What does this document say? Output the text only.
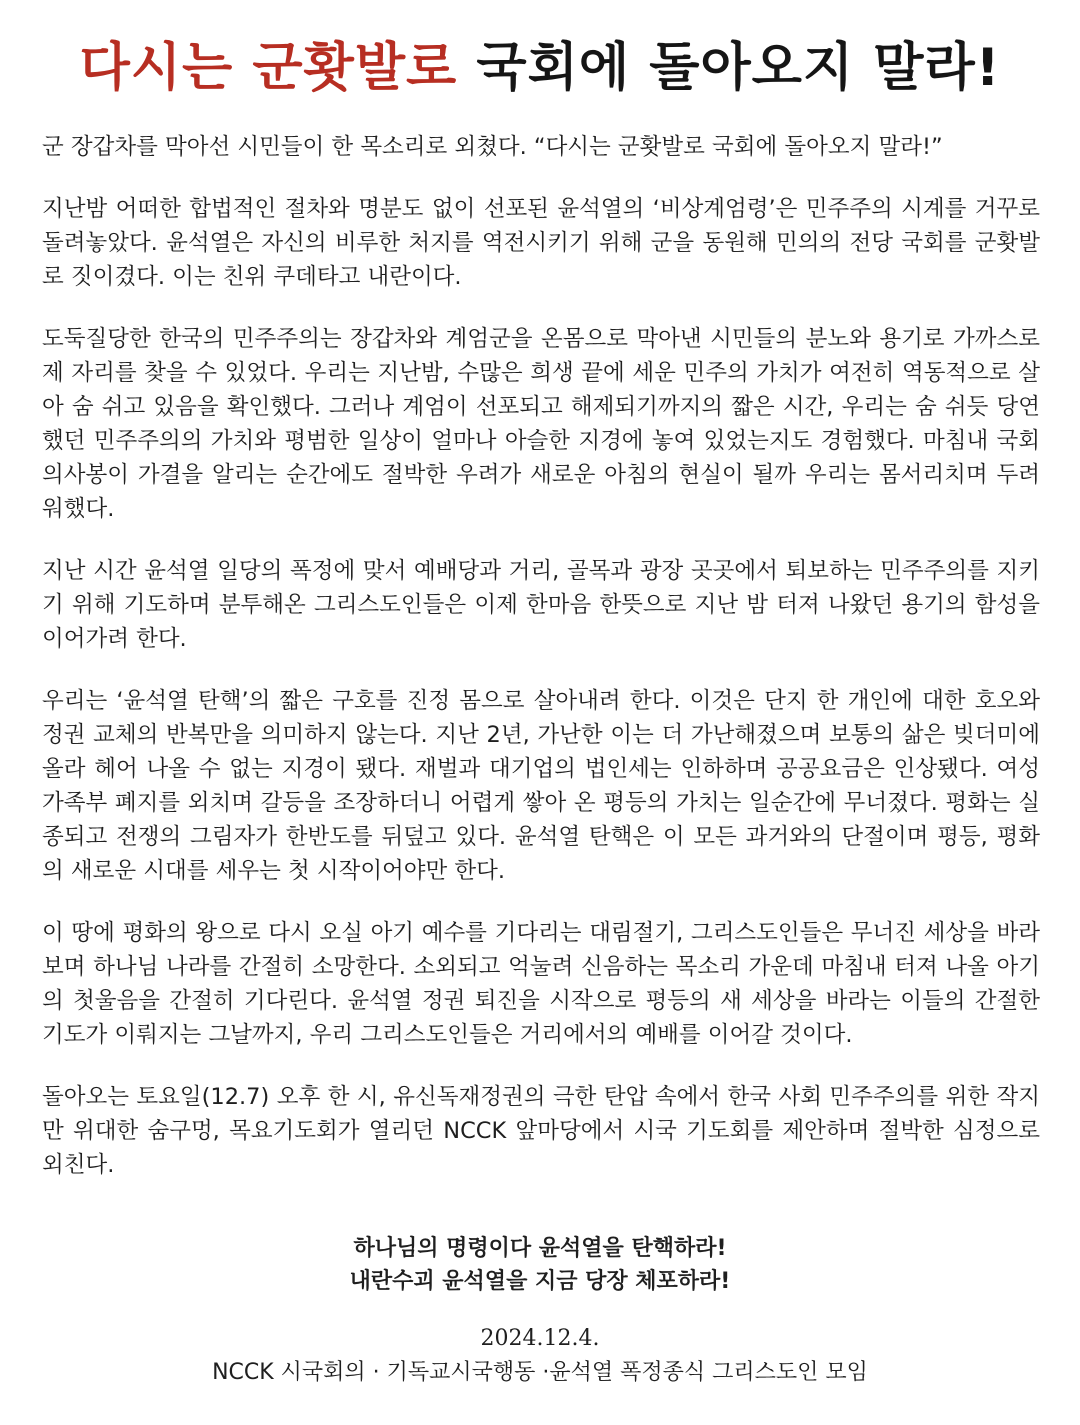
다시는 군홧발로 국회에 돌아오지 말라!

군 장갑차를 막아선 시민들이 한 목소리로 외쳤다. “다시는 군홧발로 국회에 돌아오지 말라!”

지난밤 어떠한 합법적인 절차와 명분도 없이 선포된 윤석열의 ‘비상계엄령’은 민주주의 시계를 거꾸로 돌려놓았다. 윤석열은 자신의 비루한 처지를 역전시키기 위해 군을 동원해 민의의 전당 국회를 군홧발로 짓이겼다. 이는 친위 쿠데타고 내란이다.

도둑질당한 한국의 민주주의는 장갑차와 계엄군을 온몸으로 막아낸 시민들의 분노와 용기로 가까스로 제 자리를 찾을 수 있었다. 우리는 지난밤, 수많은 희생 끝에 세운 민주의 가치가 여전히 역동적으로 살아 숨 쉬고 있음을 확인했다. 그러나 계엄이 선포되고 해제되기까지의 짧은 시간, 우리는 숨 쉬듯 당연했던 민주주의의 가치와 평범한 일상이 얼마나 아슬한 지경에 놓여 있었는지도 경험했다. 마침내 국회 의사봉이 가결을 알리는 순간에도 절박한 우려가 새로운 아침의 현실이 될까 우리는 몸서리치며 두려워했다.

지난 시간 윤석열 일당의 폭정에 맞서 예배당과 거리, 골목과 광장 곳곳에서 퇴보하는 민주주의를 지키기 위해 기도하며 분투해온 그리스도인들은 이제 한마음 한뜻으로 지난 밤 터져 나왔던 용기의 함성을 이어가려 한다.

우리는 ‘윤석열 탄핵’의 짧은 구호를 진정 몸으로 살아내려 한다. 이것은 단지 한 개인에 대한 호오와 정권 교체의 반복만을 의미하지 않는다. 지난 2년, 가난한 이는 더 가난해졌으며 보통의 삶은 빚더미에 올라 헤어 나올 수 없는 지경이 됐다. 재벌과 대기업의 법인세는 인하하며 공공요금은 인상됐다. 여성가족부 폐지를 외치며 갈등을 조장하더니 어렵게 쌓아 온 평등의 가치는 일순간에 무너졌다. 평화는 실종되고 전쟁의 그림자가 한반도를 뒤덮고 있다. 윤석열 탄핵은 이 모든 과거와의 단절이며 평등, 평화의 새로운 시대를 세우는 첫 시작이어야만 한다.

이 땅에 평화의 왕으로 다시 오실 아기 예수를 기다리는 대림절기, 그리스도인들은 무너진 세상을 바라보며 하나님 나라를 간절히 소망한다. 소외되고 억눌려 신음하는 목소리 가운데 마침내 터져 나올 아기의 첫울음을 간절히 기다린다. 윤석열 정권 퇴진을 시작으로 평등의 새 세상을 바라는 이들의 간절한 기도가 이뤄지는 그날까지, 우리 그리스도인들은 거리에서의 예배를 이어갈 것이다.

돌아오는 토요일(12.7) 오후 한 시, 유신독재정권의 극한 탄압 속에서 한국 사회 민주주의를 위한 작지만 위대한 숨구멍, 목요기도회가 열리던 NCCK 앞마당에서 시국 기도회를 제안하며 절박한 심정으로 외친다.

하나님의 명령이다 윤석열을 탄핵하라!
내란수괴 윤석열을 지금 당장 체포하라!
2024.12.4.
NCCK 시국회의 · 기독교시국행동 ·윤석열 폭정종식 그리스도인 모임
